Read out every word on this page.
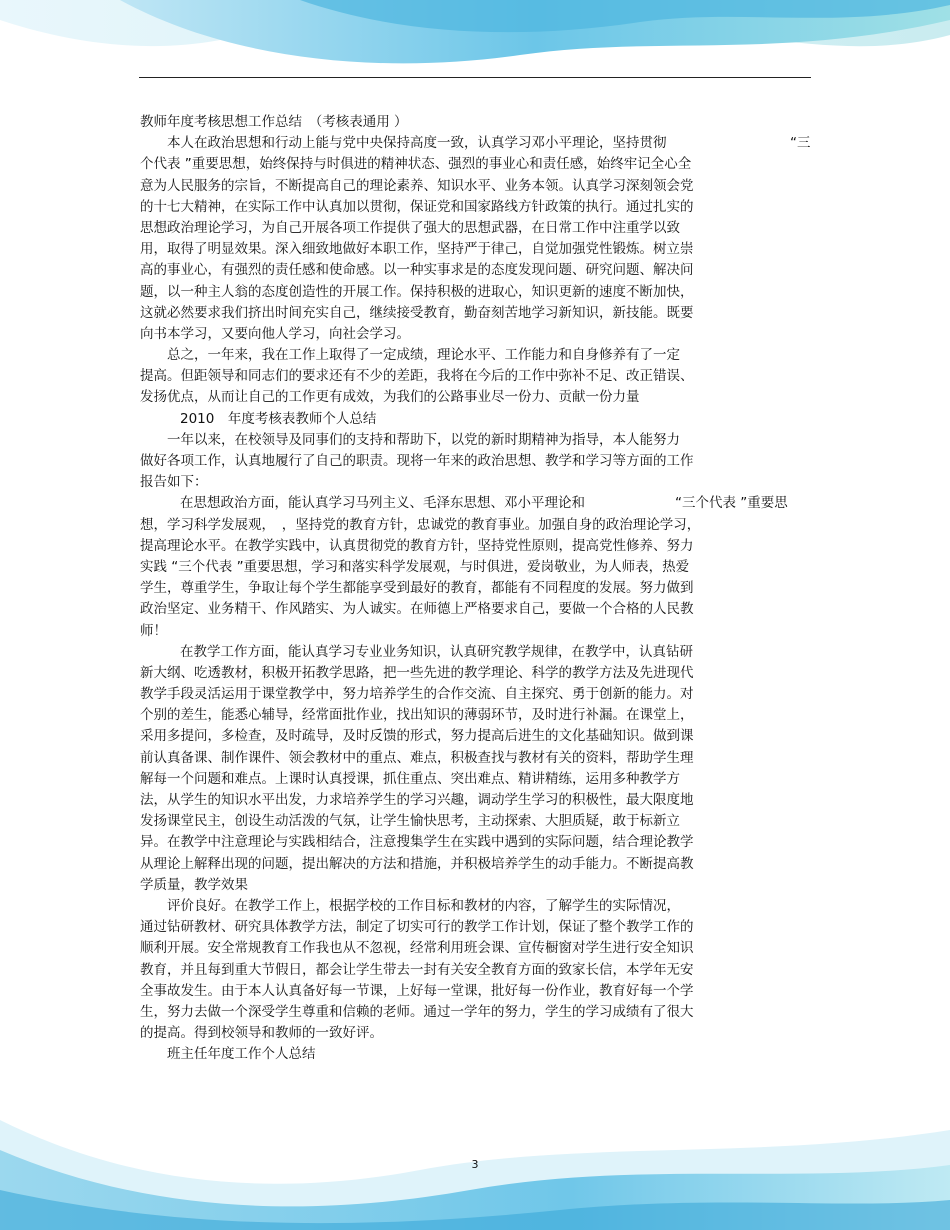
教师年度考核思想工作总结　（考核表通用 ）
本人在政治思想和行动上能与党中央保持高度一致，认真学习邓小平理论，坚持贯彻	“三
个代表 ”重要思想，始终保持与时俱进的精神状态、强烈的事业心和责任感，始终牢记全心全
意为人民服务的宗旨，不断提高自己的理论素养、知识水平、业务本领。认真学习深刻领会党
的十七大精神，在实际工作中认真加以贯彻，保证党和国家路线方针政策的执行。通过扎实的
思想政治理论学习，为自己开展各项工作提供了强大的思想武器，在日常工作中注重学以致
用，取得了明显效果。深入细致地做好本职工作，坚持严于律己，自觉加强党性锻炼。树立崇
高的事业心，有强烈的责任感和使命感。以一种实事求是的态度发现问题、研究问题、解决问
题，以一种主人翁的态度创造性的开展工作。保持积极的进取心，知识更新的速度不断加快，
这就必然要求我们挤出时间充实自己，继续接受教育，勤奋刻苦地学习新知识，新技能。既要
向书本学习，又要向他人学习，向社会学习。
总之，一年来，我在工作上取得了一定成绩，理论水平、工作能力和自身修养有了一定
提高。但距领导和同志们的要求还有不少的差距，我将在今后的工作中弥补不足、改正错误、
发扬优点，从而让自己的工作更有成效，为我们的公路事业尽一份力、贡献一份力量
2010　年度考核表教师个人总结
一年以来，在校领导及同事们的支持和帮助下，以党的新时期精神为指导，本人能努力
做好各项工作，认真地履行了自己的职责。现将一年来的政治思想、教学和学习等方面的工作
报告如下：
在思想政治方面，能认真学习马列主义、毛泽东思想、邓小平理论和	“三个代表 ”重要思
想，学习科学发展观，　，坚持党的教育方针，忠诚党的教育事业。加强自身的政治理论学习，
提高理论水平。在教学实践中，认真贯彻党的教育方针，坚持党性原则，提高党性修养、努力
实践 “三个代表 ”重要思想，学习和落实科学发展观，与时俱进，爱岗敬业，为人师表，热爱
学生，尊重学生，争取让每个学生都能享受到最好的教育，都能有不同程度的发展。努力做到
政治坚定、业务精干、作风踏实、为人诚实。在师德上严格要求自己，要做一个合格的人民教
师！
在教学工作方面，能认真学习专业业务知识，认真研究教学规律，在教学中，认真钻研
新大纲、吃透教材，积极开拓教学思路，把一些先进的教学理论、科学的教学方法及先进现代
教学手段灵活运用于课堂教学中，努力培养学生的合作交流、自主探究、勇于创新的能力。对
个别的差生，能悉心辅导，经常面批作业，找出知识的薄弱环节，及时进行补漏。在课堂上，
采用多提问，多检查，及时疏导，及时反馈的形式，努力提高后进生的文化基础知识。做到课
前认真备课、制作课件、领会教材中的重点、难点，积极查找与教材有关的资料，帮助学生理
解每一个问题和难点。上课时认真授课，抓住重点、突出难点、精讲精练，运用多种教学方
法，从学生的知识水平出发，力求培养学生的学习兴趣，调动学生学习的积极性，最大限度地
发扬课堂民主，创设生动活泼的气氛，让学生愉快思考，主动探索、大胆质疑，敢于标新立
异。在教学中注意理论与实践相结合，注意搜集学生在实践中遇到的实际问题，结合理论教学
从理论上解释出现的问题，提出解决的方法和措施，并积极培养学生的动手能力。不断提高教
学质量，教学效果
评价良好。在教学工作上，根据学校的工作目标和教材的内容，了解学生的实际情况，
通过钻研教材、研究具体教学方法，制定了切实可行的教学工作计划，保证了整个教学工作的
顺利开展。安全常规教育工作我也从不忽视，经常利用班会课、宣传橱窗对学生进行安全知识
教育，并且每到重大节假日，都会让学生带去一封有关安全教育方面的致家长信，本学年无安
全事故发生。由于本人认真备好每一节课，上好每一堂课，批好每一份作业，教育好每一个学
生，努力去做一个深受学生尊重和信赖的老师。通过一学年的努力，学生的学习成绩有了很大
的提高。得到校领导和教师的一致好评。
班主任年度工作个人总结
3
